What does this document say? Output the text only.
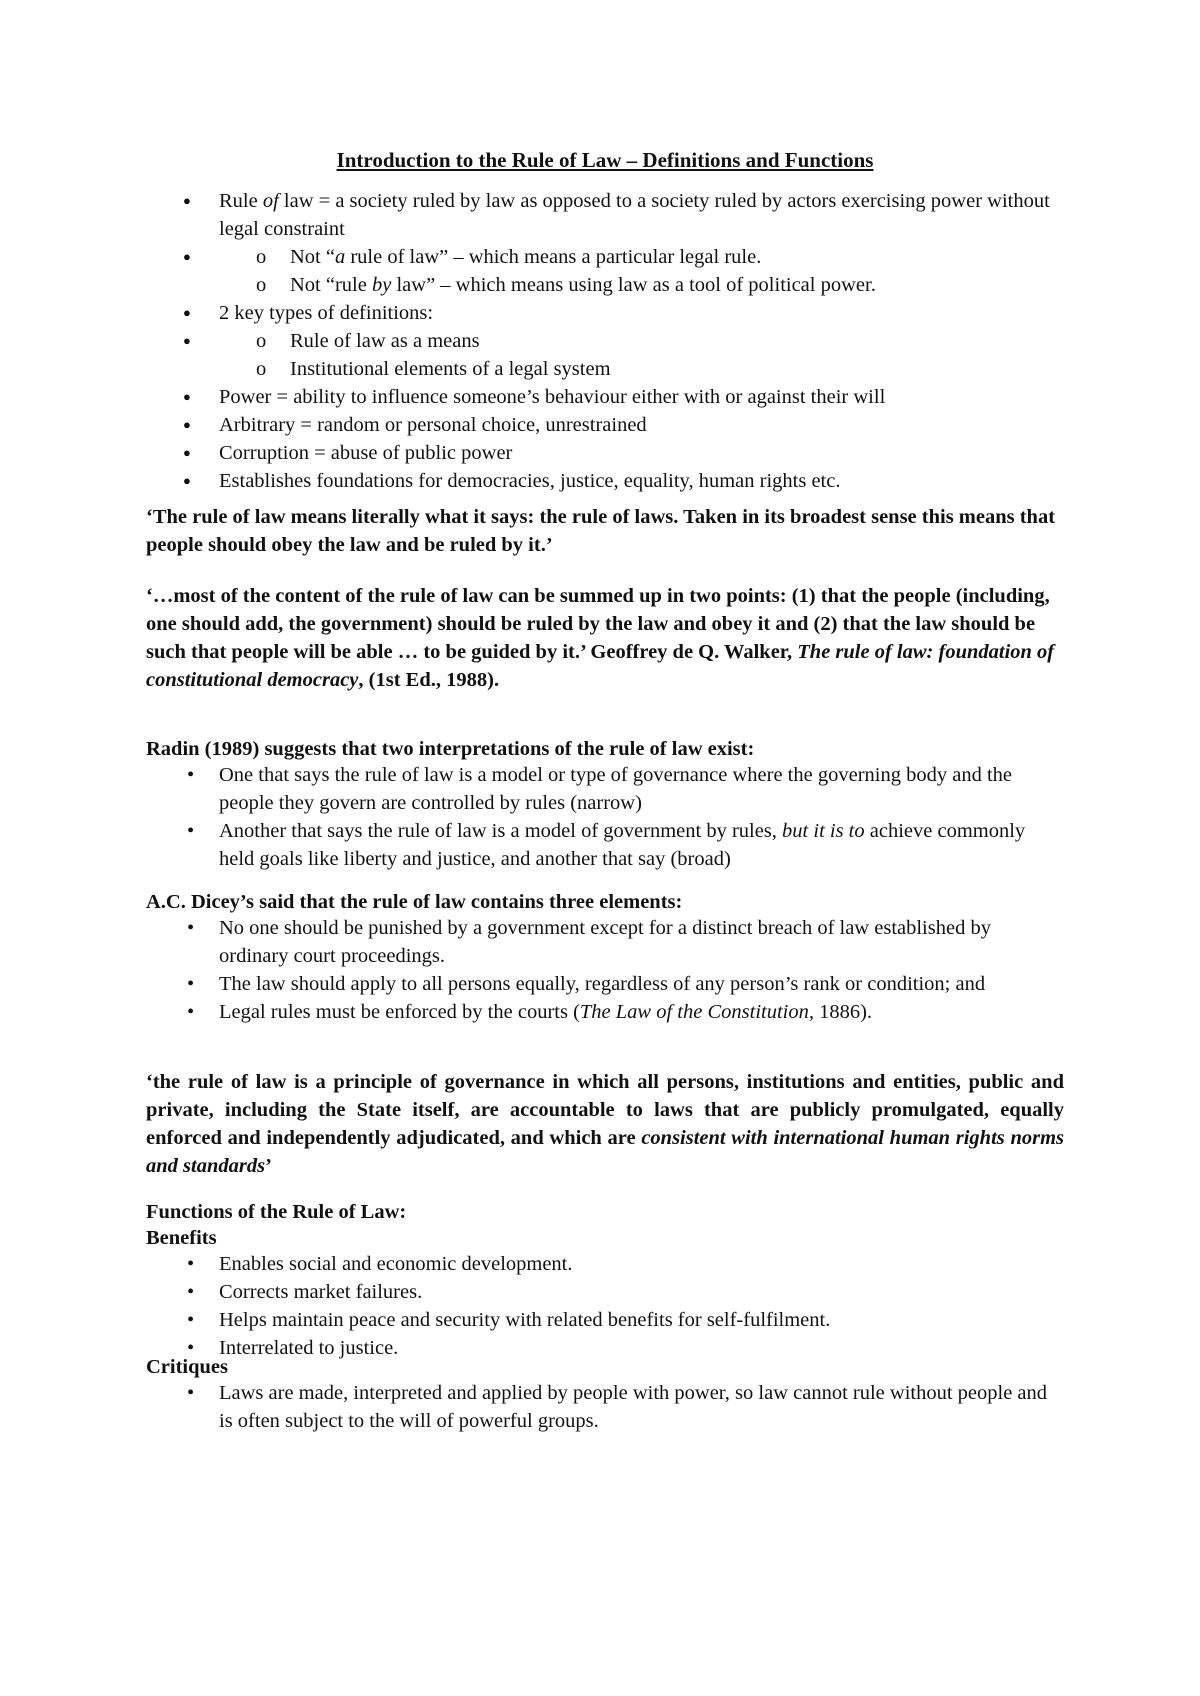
Introduction to the Rule of Law – Definitions and Functions
● Rule of law = a society ruled by law as opposed to a society ruled by actors exercising power without legal constraint
o ● Not “a rule of law” – which means a particular legal rule.
o Not “rule by law” – which means using law as a tool of political power.
● 2 key types of definitions:
o ● Rule of law as a means
o Institutional elements of a legal system
● Power = ability to influence someone’s behaviour either with or against their will
● Arbitrary = random or personal choice, unrestrained
● Corruption = abuse of public power
● Establishes foundations for democracies, justice, equality, human rights etc.
‘The rule of law means literally what it says: the rule of laws. Taken in its broadest sense this means that people should obey the law and be ruled by it.’
‘…most of the content of the rule of law can be summed up in two points: (1) that the people (including, one should add, the government) should be ruled by the law and obey it and (2) that the law should be such that people will be able … to be guided by it.’ Geoffrey de Q. Walker, The rule of law: foundation of constitutional democracy, (1st Ed., 1988).
Radin (1989) suggests that two interpretations of the rule of law exist:
• One that says the rule of law is a model or type of governance where the governing body and the people they govern are controlled by rules (narrow)
• Another that says the rule of law is a model of government by rules, but it is to achieve commonly held goals like liberty and justice, and another that say (broad)
A.C. Dicey’s said that the rule of law contains three elements:
• No one should be punished by a government except for a distinct breach of law established by ordinary court proceedings.
• The law should apply to all persons equally, regardless of any person’s rank or condition; and
• Legal rules must be enforced by the courts (The Law of the Constitution, 1886).
‘the rule of law is a principle of governance in which all persons, institutions and entities, public and private, including the State itself, are accountable to laws that are publicly promulgated, equally enforced and independently adjudicated, and which are consistent with international human rights norms and standards’
Functions of the Rule of Law:
Benefits
• Enables social and economic development.
• Corrects market failures.
• Helps maintain peace and security with related benefits for self-fulfilment.
• Interrelated to justice.
Critiques
• Laws are made, interpreted and applied by people with power, so law cannot rule without people and is often subject to the will of powerful groups.
